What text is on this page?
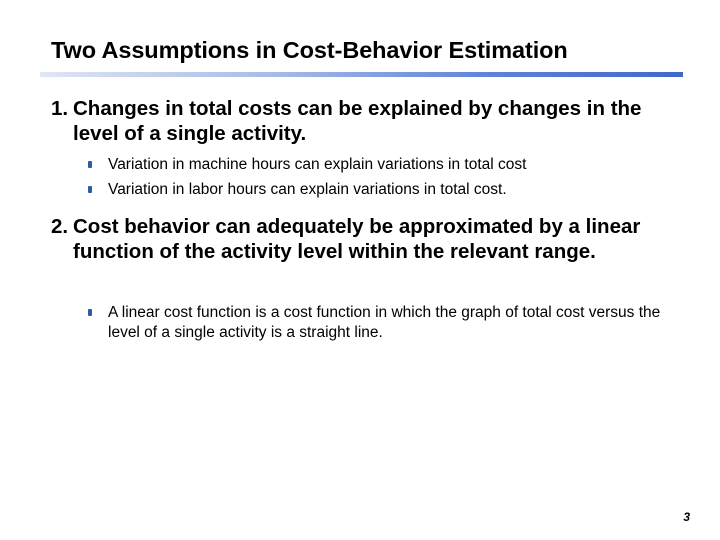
Two Assumptions in Cost-Behavior Estimation
1. Changes in total costs can be explained by changes in the level of a single activity.
Variation in machine hours can explain variations in total cost
Variation in labor hours can explain variations in total cost.
2. Cost behavior can adequately be approximated by a linear function of the activity level within the relevant range.
A linear cost function is a cost function in which the graph of total cost versus the level of a single activity is a straight line.
3
